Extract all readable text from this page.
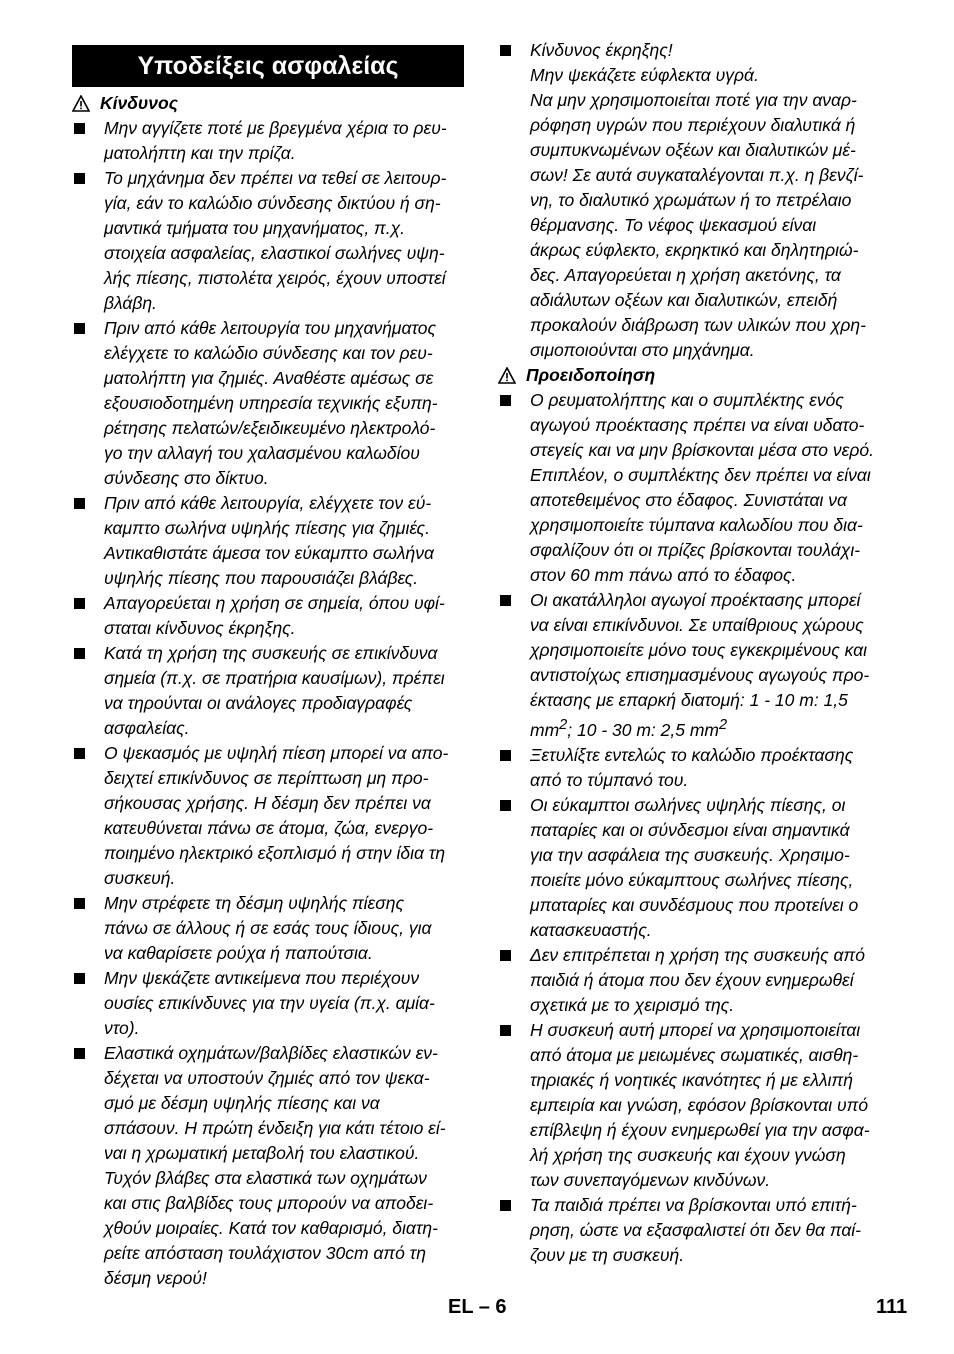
Υποδείξεις ασφαλείας
Κίνδυνος
Μην αγγίζετε ποτέ με βρεγμένα χέρια το ρευ-
ματολήπτη και την πρίζα.
Το μηχάνημα δεν πρέπει να τεθεί σε λειτουρ-
γία, εάν το καλώδιο σύνδεσης δικτύου ή ση-
μαντικά τμήματα του μηχανήματος, π.χ.
στοιχεία ασφαλείας, ελαστικοί σωλήνες υψη-
λής πίεσης, πιστολέτα χειρός, έχουν υποστεί
βλάβη.
Πριν από κάθε λειτουργία του μηχανήματος
ελέγχετε το καλώδιο σύνδεσης και τον ρευ-
ματολήπτη για ζημιές. Αναθέστε αμέσως σε
εξουσιοδοτημένη υπηρεσία τεχνικής εξυπη-
ρέτησης πελατών/εξειδικευμένο ηλεκτρολό-
γο την αλλαγή του χαλασμένου καλωδίου
σύνδεσης στο δίκτυο.
Πριν από κάθε λειτουργία, ελέγχετε τον εύ-
καμπτο σωλήνα υψηλής πίεσης για ζημιές.
Αντικαθιστάτε άμεσα τον εύκαμπτο σωλήνα
υψηλής πίεσης που παρουσιάζει βλάβες.
Απαγορεύεται η χρήση σε σημεία, όπου υφί-
σταται κίνδυνος έκρηξης.
Κατά τη χρήση της συσκευής σε επικίνδυνα
σημεία (π.χ. σε πρατήρια καυσίμων), πρέπει
να τηρούνται οι ανάλογες προδιαγραφές
ασφαλείας.
Ο ψεκασμός με υψηλή πίεση μπορεί να απο-
δειχτεί επικίνδυνος σε περίπτωση μη προ-
σήκουσας χρήσης. Η δέσμη δεν πρέπει να
κατευθύνεται πάνω σε άτομα, ζώα, ενεργο-
ποιημένο ηλεκτρικό εξοπλισμό ή στην ίδια τη
συσκευή.
Μην στρέφετε τη δέσμη υψηλής πίεσης
πάνω σε άλλους ή σε εσάς τους ίδιους, για
να καθαρίσετε ρούχα ή παπούτσια.
Μην ψεκάζετε αντικείμενα που περιέχουν
ουσίες επικίνδυνες για την υγεία (π.χ. αμία-
ντο).
Ελαστικά οχημάτων/βαλβίδες ελαστικών εν-
δέχεται να υποστούν ζημιές από τον ψεκα-
σμό με δέσμη υψηλής πίεσης και να
σπάσουν. Η πρώτη ένδειξη για κάτι τέτοιο εί-
ναι η χρωματική μεταβολή του ελαστικού.
Τυχόν βλάβες στα ελαστικά των οχημάτων
και στις βαλβίδες τους μπορούν να αποδει-
χθούν μοιραίες. Κατά τον καθαρισμό, διατη-
ρείτε απόσταση τουλάχιστον 30cm από τη
δέσμη νερού!
Κίνδυνος έκρηξης!
Μην ψεκάζετε εύφλεκτα υγρά.
Να μην χρησιμοποιείται ποτέ για την αναρ-
ρόφηση υγρών που περιέχουν διαλυτικά ή
συμπυκνωμένων οξέων και διαλυτικών μέ-
σων! Σε αυτά συγκαταλέγονται π.χ. η βενζί-
νη, το διαλυτικό χρωμάτων ή το πετρέλαιο
θέρμανσης. Το νέφος ψεκασμού είναι
άκρως εύφλεκτο, εκρηκτικό και δηλητηριώ-
δες. Απαγορεύεται η χρήση ακετόνης, τα
αδιάλυτων οξέων και διαλυτικών, επειδή
προκαλούν διάβρωση των υλικών που χρη-
σιμοποιούνται στο μηχάνημα.
Προειδοποίηση
Ο ρευματολήπτης και ο συμπλέκτης ενός
αγωγού προέκτασης πρέπει να είναι υδατο-
στεγείς και να μην βρίσκονται μέσα στο νερό.
Επιπλέον, ο συμπλέκτης δεν πρέπει να είναι
αποτεθειμένος στο έδαφος. Συνιστάται να
χρησιμοποιείτε τύμπανα καλωδίου που δια-
σφαλίζουν ότι οι πρίζες βρίσκονται τουλάχι-
στον 60 mm πάνω από το έδαφος.
Οι ακατάλληλοι αγωγοί προέκτασης μπορεί
να είναι επικίνδυνοι. Σε υπαίθριους χώρους
χρησιμοποιείτε μόνο τους εγκεκριμένους και
αντιστοίχως επισημασμένους αγωγούς προ-
έκτασης με επαρκή διατομή: 1 - 10 m: 1,5
$mm^2$; 10 - 30 m: 2,5 $mm^2$
Ξετυλίξτε εντελώς το καλώδιο προέκτασης
από το τύμπανό του.
Οι εύκαμπτοι σωλήνες υψηλής πίεσης, οι
παταρίες και οι σύνδεσμοι είναι σημαντικά
για την ασφάλεια της συσκευής. Χρησιμο-
ποιείτε μόνο εύκαμπτους σωλήνες πίεσης,
μπαταρίες και συνδέσμους που προτείνει ο
κατασκευαστής.
Δεν επιτρέπεται η χρήση της συσκευής από
παιδιά ή άτομα που δεν έχουν ενημερωθεί
σχετικά με το χειρισμό της.
Η συσκευή αυτή μπορεί να χρησιμοποιείται
από άτομα με μειωμένες σωματικές, αισθη-
τηριακές ή νοητικές ικανότητες ή με ελλιπή
εμπειρία και γνώση, εφόσον βρίσκονται υπό
επίβλεψη ή έχουν ενημερωθεί για την ασφα-
λή χρήση της συσκευής και έχουν γνώση
των συνεπαγόμενων κινδύνων.
Τα παιδιά πρέπει να βρίσκονται υπό επιτή-
ρηση, ώστε να εξασφαλιστεί ότι δεν θα παί-
ζουν με τη συσκευή.
EL – 6	111
